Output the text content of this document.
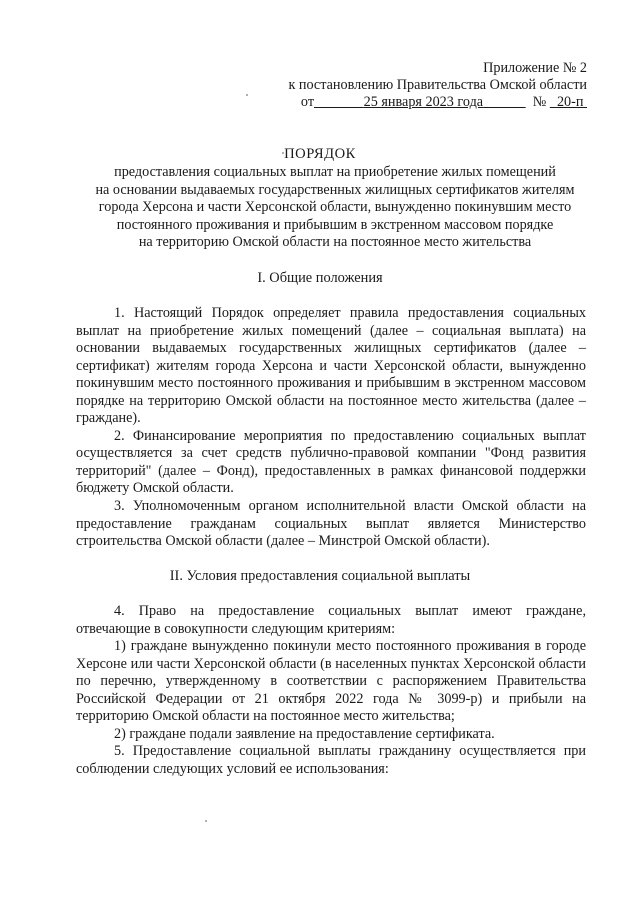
Приложение № 2
к постановлению Правительства Омской области
от	25 января 2023 года	№ 20-п
ПОРЯДОК
предоставления социальных выплат на приобретение жилых помещений
на основании выдаваемых государственных жилищных сертификатов жителям
города Херсона и части Херсонской области, вынужденно покинувшим место
постоянного проживания и прибывшим в экстренном массовом порядке
на территорию Омской области на постоянное место жительства
I. Общие положения

1. Настоящий Порядок определяет правила предоставления социальных выплат на приобретение жилых помещений (далее – социальная выплата) на основании выдаваемых государственных жилищных сертификатов (далее – сертификат) жителям города Херсона и части Херсонской области, вынужденно покинувшим место постоянного проживания и прибывшим в экстренном массовом порядке на территорию Омской области на постоянное место жительства (далее – граждане).

2. Финансирование мероприятия по предоставлению социальных выплат осуществляется за счет средств публично-правовой компании "Фонд развития территорий" (далее – Фонд), предоставленных в рамках финансовой поддержки бюджету Омской области.

3. Уполномоченным органом исполнительной власти Омской области на предоставление гражданам социальных выплат является Министерство строительства Омской области (далее – Минстрой Омской области).

II. Условия предоставления социальной выплаты

4. Право на предоставление социальных выплат имеют граждане, отвечающие в совокупности следующим критериям:

1) граждане вынужденно покинули место постоянного проживания в городе Херсоне или части Херсонской области (в населенных пунктах Херсонской области по перечню, утвержденному в соответствии с распоряжением Правительства Российской Федерации от 21 октября 2022 года № 3099-р) и прибыли на территорию Омской области на постоянное место жительства;

2) граждане подали заявление на предоставление сертификата.

5. Предоставление социальной выплаты гражданину осуществляется при соблюдении следующих условий ее использования:
